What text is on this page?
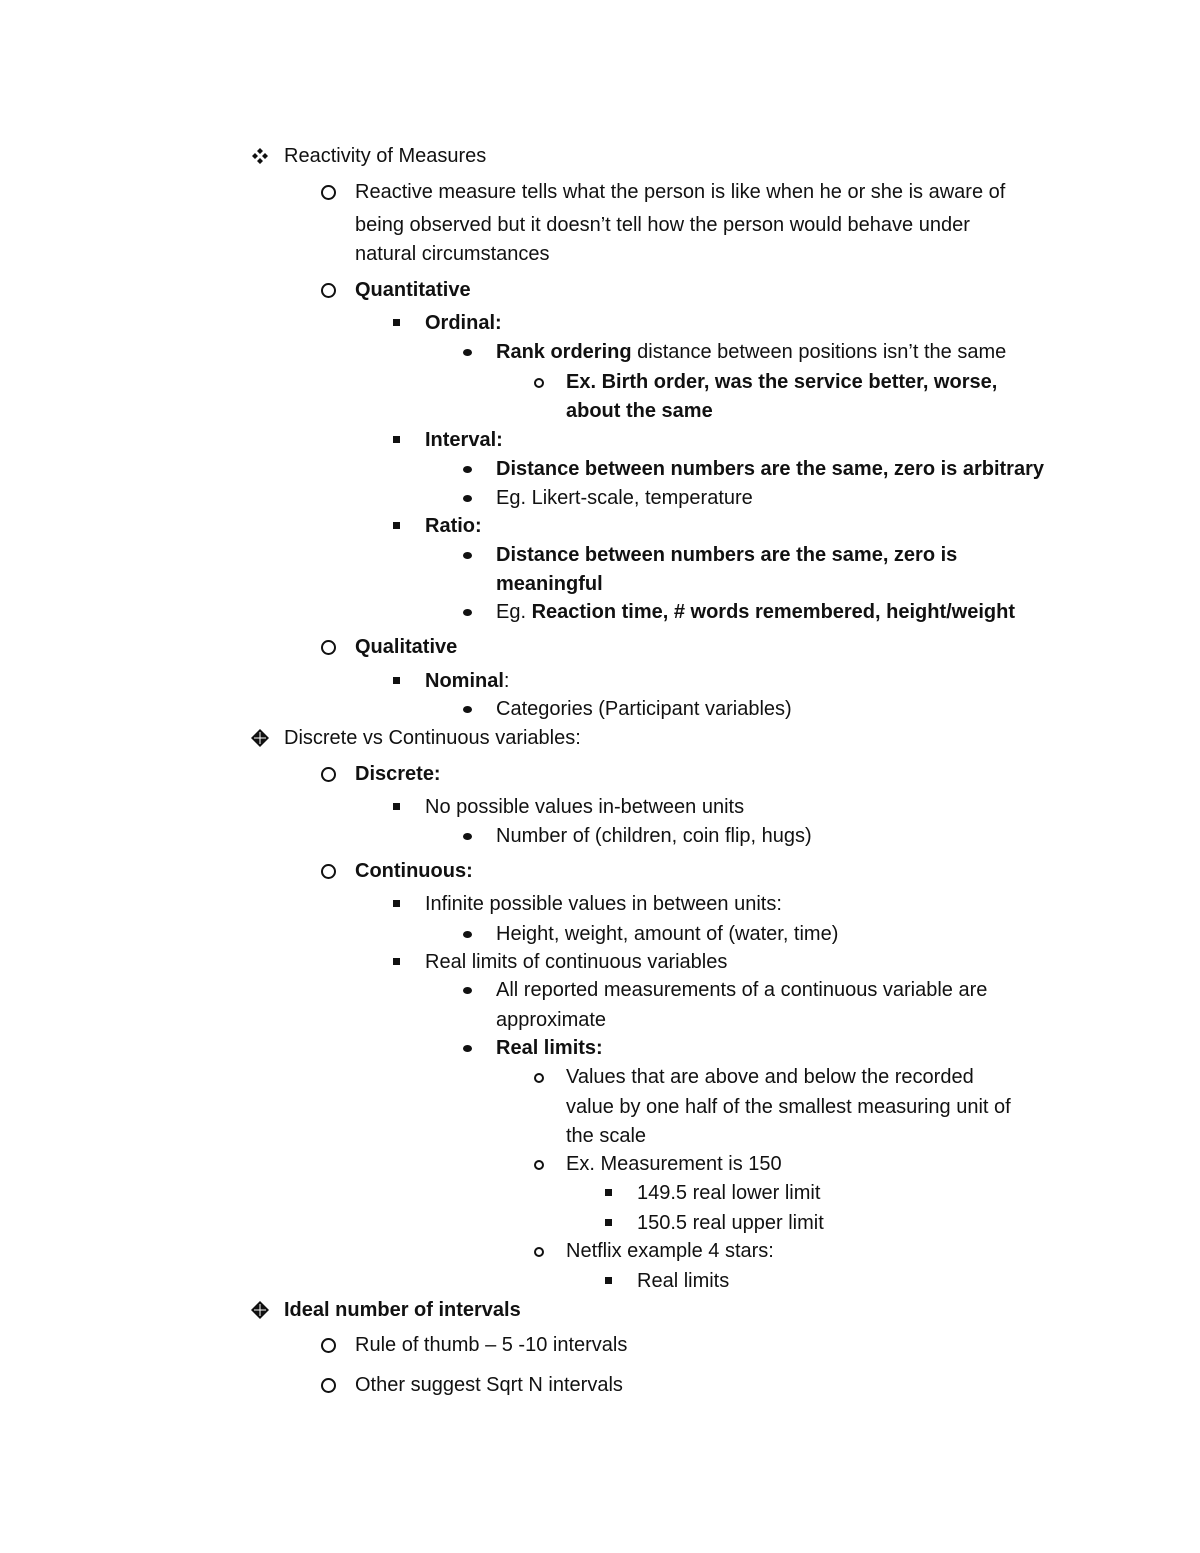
Reactivity of Measures
Reactive measure tells what the person is like when he or she is aware of
being observed but it doesn’t tell how the person would behave under
natural circumstances
Quantitative
Ordinal:
Rank ordering distance between positions isn’t the same
Ex. Birth order, was the service better, worse,
about the same
Interval:
Distance between numbers are the same, zero is arbitrary
Eg. Likert-scale, temperature
Ratio:
Distance between numbers are the same, zero is
meaningful
Eg. Reaction time, # words remembered, height/weight
Qualitative
Nominal:
Categories (Participant variables)
Discrete vs Continuous variables:
Discrete:
No possible values in-between units
Number of (children, coin flip, hugs)
Continuous:
Infinite possible values in between units:
Height, weight, amount of (water, time)
Real limits of continuous variables
All reported measurements of a continuous variable are
approximate
Real limits:
Values that are above and below the recorded
value by one half of the smallest measuring unit of
the scale
Ex. Measurement is 150
149.5 real lower limit
150.5 real upper limit
Netflix example 4 stars:
Real limits
Ideal number of intervals
Rule of thumb – 5 -10 intervals
Other suggest Sqrt N intervals
